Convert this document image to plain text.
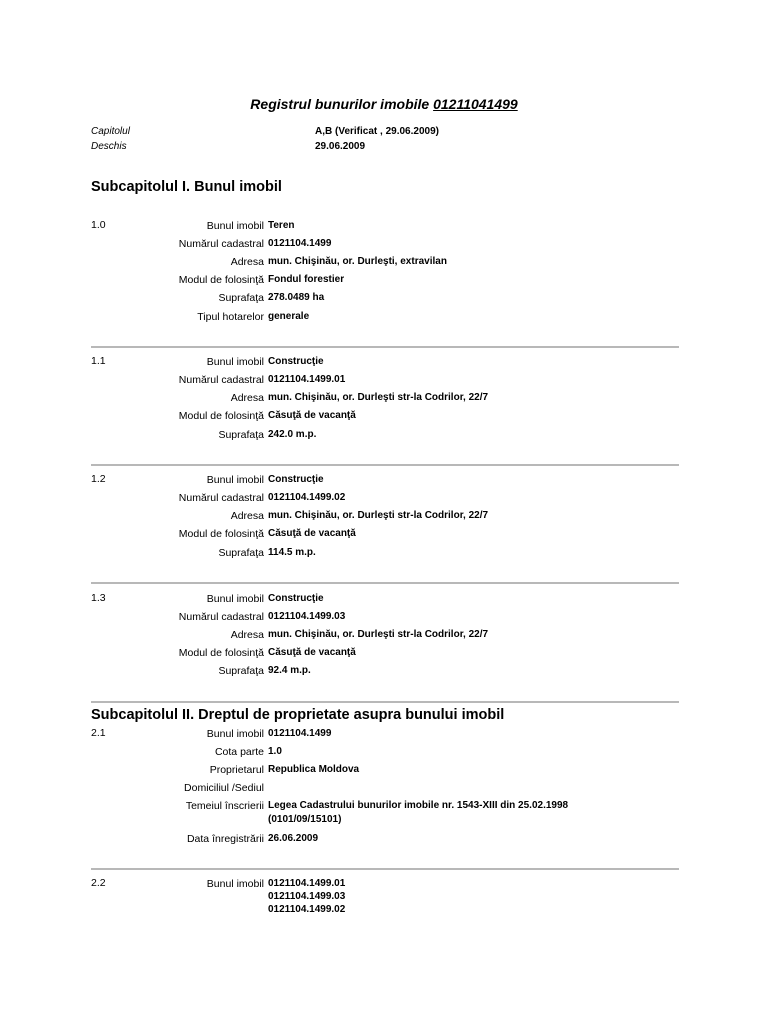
Registrul bunurilor imobile 01211041499
Capitolul	A,B (Verificat , 29.06.2009)
Deschis	29.06.2009
Subcapitolul I. Bunul imobil
1.0	Bunul imobil Teren
Numărul cadastral 0121104.1499
Adresa mun. Chişinău, or. Durleşti, extravilan
Modul de folosinţă Fondul forestier
Suprafaţa 278.0489 ha
Tipul hotarelor generale
1.1	Bunul imobil Construcţie
Numărul cadastral 0121104.1499.01
Adresa mun. Chişinău, or. Durleşti str-la Codrilor, 22/7
Modul de folosinţă Căsuţă de vacanţă
Suprafaţa 242.0 m.p.
1.2	Bunul imobil Construcţie
Numărul cadastral 0121104.1499.02
Adresa mun. Chişinău, or. Durleşti str-la Codrilor, 22/7
Modul de folosinţă Căsuţă de vacanţă
Suprafaţa 114.5 m.p.
1.3	Bunul imobil Construcţie
Numărul cadastral 0121104.1499.03
Adresa mun. Chişinău, or. Durleşti str-la Codrilor, 22/7
Modul de folosinţă Căsuţă de vacanţă
Suprafaţa 92.4 m.p.
Subcapitolul II. Dreptul de proprietate asupra bunului imobil
2.1	Bunul imobil 0121104.1499
Cota parte 1.0
Proprietarul Republica Moldova
Domiciliul /Sediul
Temeiul înscrierii Legea Cadastrului bunurilor imobile nr. 1543-XIII din 25.02.1998
(0101/09/15101)
Data înregistrării 26.06.2009
2.2	Bunul imobil 0121104.1499.01
0121104.1499.03
0121104.1499.02
